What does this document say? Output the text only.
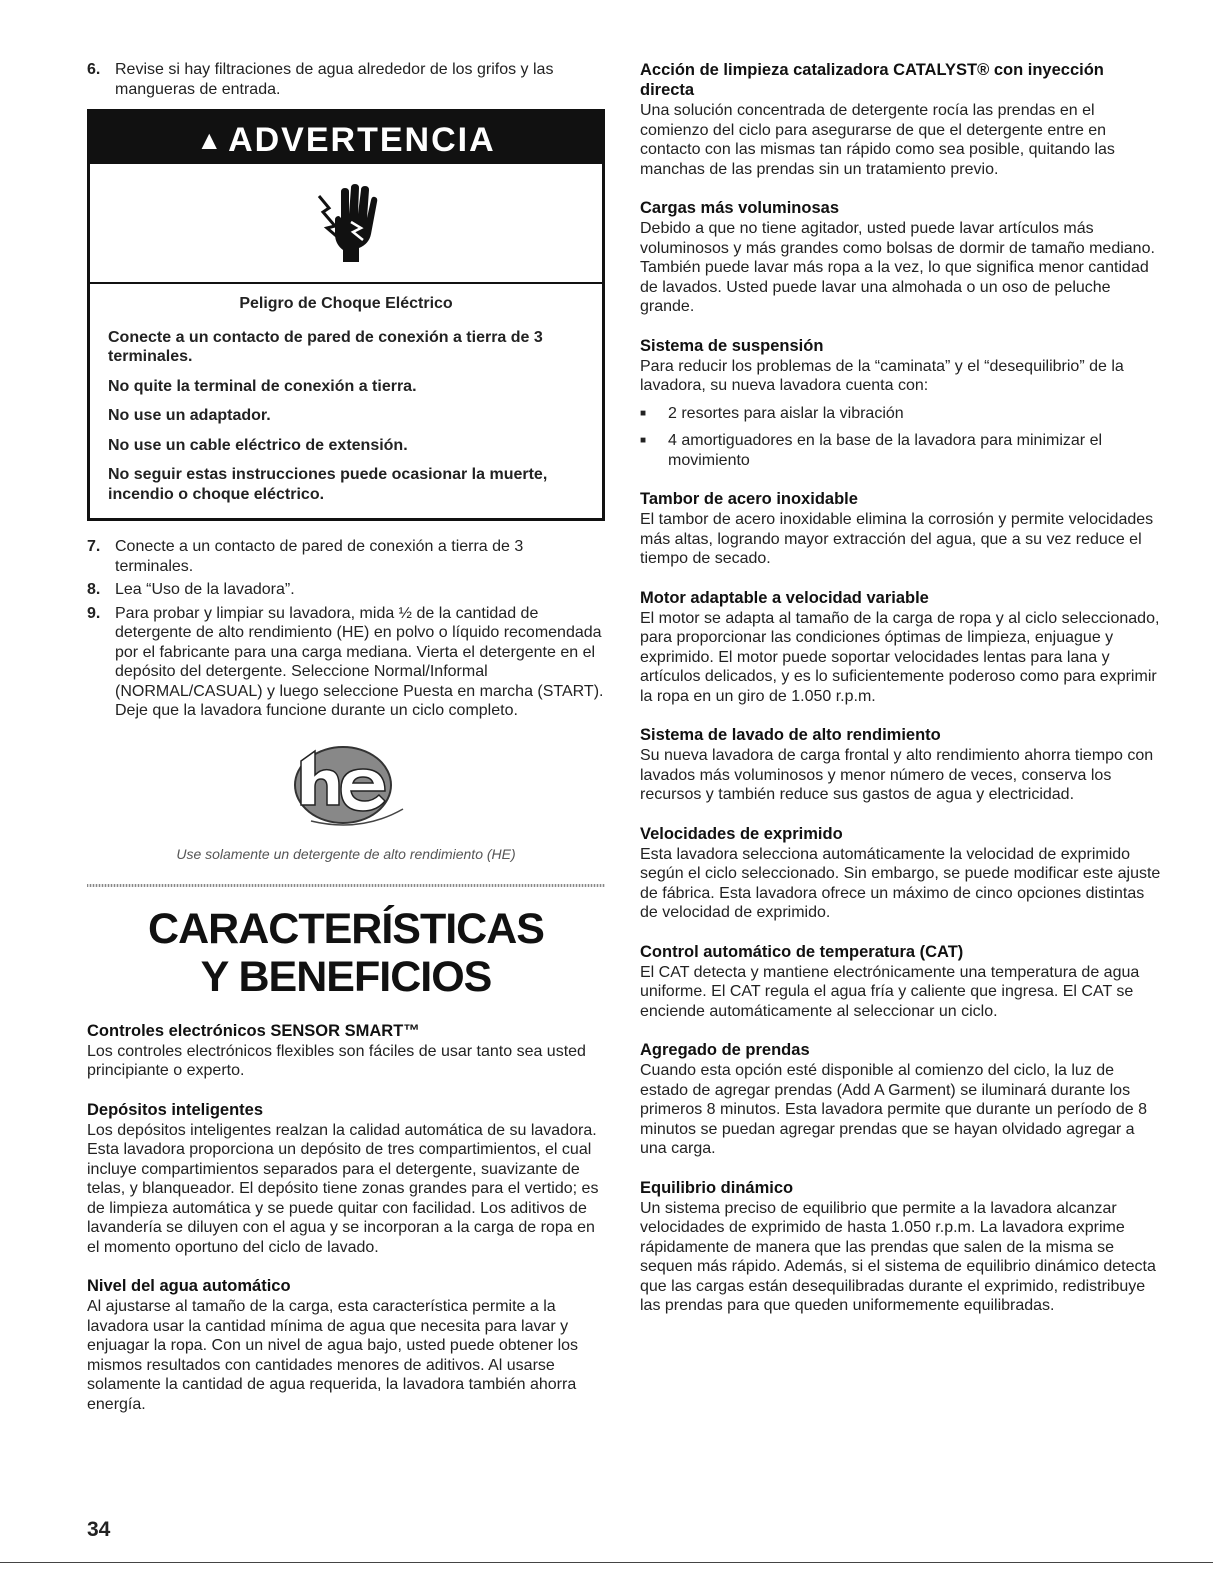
6. Revise si hay filtraciones de agua alrededor de los grifos y las mangueras de entrada.
▲ ADVERTENCIA
Peligro de Choque Eléctrico

Conecte a un contacto de pared de conexión a tierra de 3 terminales.

No quite la terminal de conexión a tierra.

No use un adaptador.

No use un cable eléctrico de extensión.

No seguir estas instrucciones puede ocasionar la muerte, incendio o choque eléctrico.

7. Conecte a un contacto de pared de conexión a tierra de 3 terminales.
8. Lea “Uso de la lavadora”.
9. Para probar y limpiar su lavadora, mida ½ de la cantidad de detergente de alto rendimiento (HE) en polvo o líquido recomendada por el fabricante para una carga mediana. Vierta el detergente en el depósito del detergente. Seleccione Normal/Informal (NORMAL/CASUAL) y luego seleccione Puesta en marcha (START). Deje que la lavadora funcione durante un ciclo completo.
Use solamente un detergente de alto rendimiento (HE)
CARACTERÍSTICAS
Y BENEFICIOS
Controles electrónicos SENSOR SMART™

Los controles electrónicos flexibles son fáciles de usar tanto sea usted principiante o experto.

Depósitos inteligentes

Los depósitos inteligentes realzan la calidad automática de su lavadora. Esta lavadora proporciona un depósito de tres compartimientos, el cual incluye compartimientos separados para el detergente, suavizante de telas, y blanqueador. El depósito tiene zonas grandes para el vertido; es de limpieza automática y se puede quitar con facilidad. Los aditivos de lavandería se diluyen con el agua y se incorporan a la carga de ropa en el momento oportuno del ciclo de lavado.

Nivel del agua automático

Al ajustarse al tamaño de la carga, esta característica permite a la lavadora usar la cantidad mínima de agua que necesita para lavar y enjuagar la ropa. Con un nivel de agua bajo, usted puede obtener los mismos resultados con cantidades menores de aditivos. Al usarse solamente la cantidad de agua requerida, la lavadora también ahorra energía.

Acción de limpieza catalizadora CATALYST® con inyección directa

Una solución concentrada de detergente rocía las prendas en el comienzo del ciclo para asegurarse de que el detergente entre en contacto con las mismas tan rápido como sea posible, quitando las manchas de las prendas sin un tratamiento previo.

Cargas más voluminosas

Debido a que no tiene agitador, usted puede lavar artículos más voluminosos y más grandes como bolsas de dormir de tamaño mediano. También puede lavar más ropa a la vez, lo que significa menor cantidad de lavados. Usted puede lavar una almohada o un oso de peluche grande.

Sistema de suspensión

Para reducir los problemas de la “caminata” y el “desequilibrio” de la lavadora, su nueva lavadora cuenta con:

■	2 resortes para aislar la vibración
■	4 amortiguadores en la base de la lavadora para minimizar el movimiento
Tambor de acero inoxidable

El tambor de acero inoxidable elimina la corrosión y permite velocidades más altas, logrando mayor extracción del agua, que a su vez reduce el tiempo de secado.

Motor adaptable a velocidad variable

El motor se adapta al tamaño de la carga de ropa y al ciclo seleccionado, para proporcionar las condiciones óptimas de limpieza, enjuague y exprimido. El motor puede soportar velocidades lentas para lana y artículos delicados, y es lo suficientemente poderoso como para exprimir la ropa en un giro de 1.050 r.p.m.

Sistema de lavado de alto rendimiento

Su nueva lavadora de carga frontal y alto rendimiento ahorra tiempo con lavados más voluminosos y menor número de veces, conserva los recursos y también reduce sus gastos de agua y electricidad.

Velocidades de exprimido

Esta lavadora selecciona automáticamente la velocidad de exprimido según el ciclo seleccionado. Sin embargo, se puede modificar este ajuste de fábrica. Esta lavadora ofrece un máximo de cinco opciones distintas de velocidad de exprimido.

Control automático de temperatura (CAT)

El CAT detecta y mantiene electrónicamente una temperatura de agua uniforme. El CAT regula el agua fría y caliente que ingresa. El CAT se enciende automáticamente al seleccionar un ciclo.

Agregado de prendas

Cuando esta opción esté disponible al comienzo del ciclo, la luz de estado de agregar prendas (Add A Garment) se iluminará durante los primeros 8 minutos. Esta lavadora permite que durante un período de 8 minutos se puedan agregar prendas que se hayan olvidado agregar a una carga.

Equilibrio dinámico

Un sistema preciso de equilibrio que permite a la lavadora alcanzar velocidades de exprimido de hasta 1.050 r.p.m. La lavadora exprime rápidamente de manera que las prendas que salen de la misma se sequen más rápido. Además, si el sistema de equilibrio dinámico detecta que las cargas están desequilibradas durante el exprimido, redistribuye las prendas para que queden uniformemente equilibradas.

34
